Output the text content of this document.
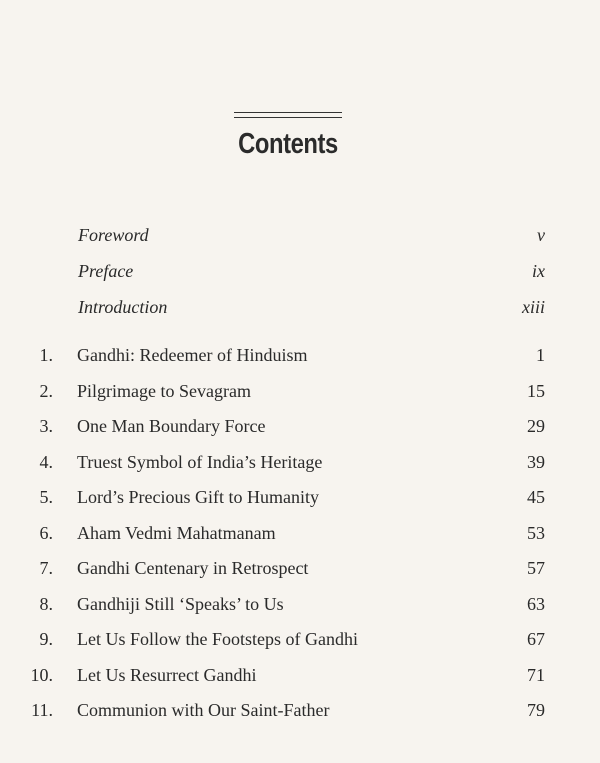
Contents
Foreword	v
Preface	ix
Introduction	xiii
1. Gandhi: Redeemer of Hinduism	1
2. Pilgrimage to Sevagram	15
3. One Man Boundary Force	29
4. Truest Symbol of India’s Heritage	39
5. Lord’s Precious Gift to Humanity	45
6. Aham Vedmi Mahatmanam	53
7. Gandhi Centenary in Retrospect	57
8. Gandhiji Still ‘Speaks’ to Us	63
9. Let Us Follow the Footsteps of Gandhi	67
10. Let Us Resurrect Gandhi	71
11. Communion with Our Saint-Father	79
